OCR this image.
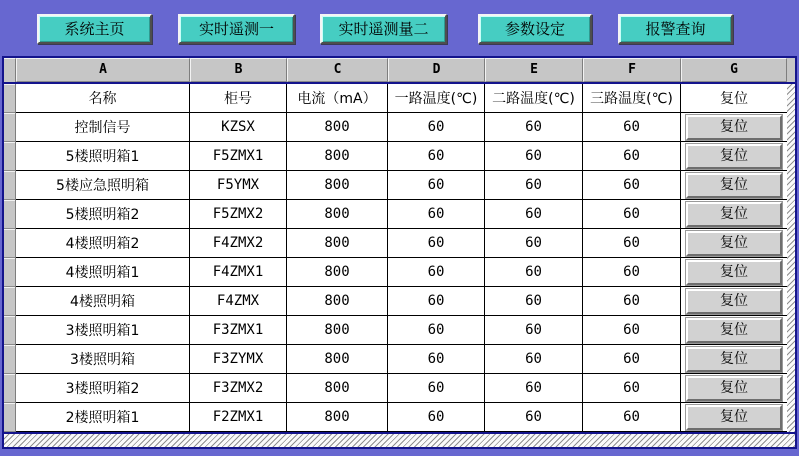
系统主页	实时遥测一	实时遥测量二	参数设定	报警查询
A	B	C	D	E	F	G
名称	柜号	电流（mA）	一路温度(℃)	二路温度(℃)	三路温度(℃)	复位
控制信号	KZSX	800	60	60	60	复位
5楼照明箱1	F5ZMX1	800	60	60	60	复位
5楼应急照明箱	F5YMX	800	60	60	60	复位
5楼照明箱2	F5ZMX2	800	60	60	60	复位
4楼照明箱2	F4ZMX2	800	60	60	60	复位
4楼照明箱1	F4ZMX1	800	60	60	60	复位
4楼照明箱	F4ZMX	800	60	60	60	复位
3楼照明箱1	F3ZMX1	800	60	60	60	复位
3楼照明箱	F3ZYMX	800	60	60	60	复位
3楼照明箱2	F3ZMX2	800	60	60	60	复位
2楼照明箱1	F2ZMX1	800	60	60	60	复位
